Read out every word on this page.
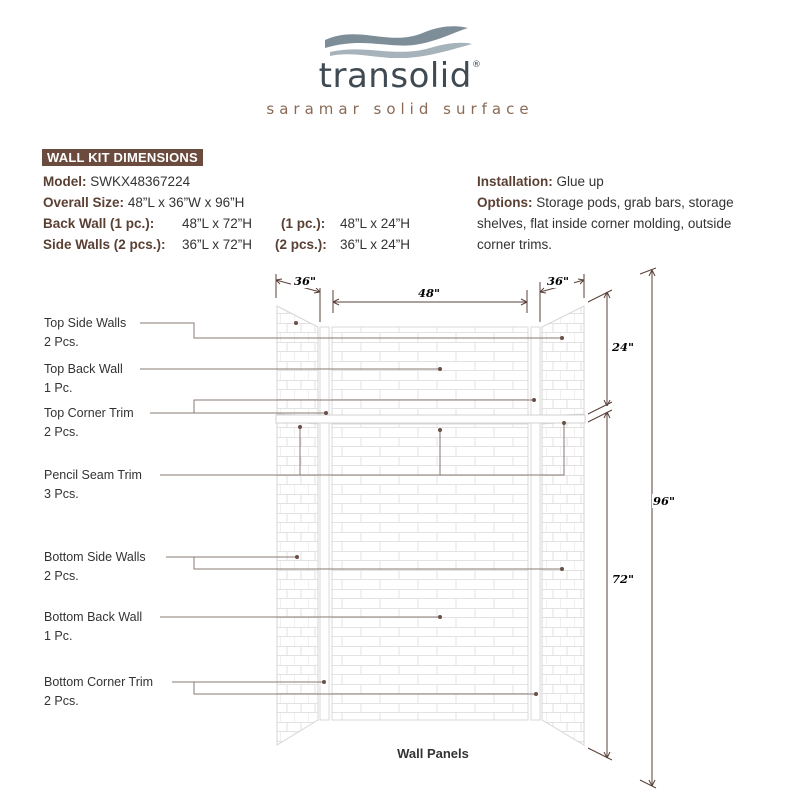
transolid®
saramar solid surface
WALL KIT DIMENSIONS
Model: SWKX48367224
Overall Size: 48”L x 36”W x 96”H
Back Wall (1 pc.): 48”L x 72”H (1 pc.): 48”L x 24”H
Side Walls (2 pcs.): 36”L x 72”H (2 pcs.): 36”L x 24”H
Installation: Glue up
Options: Storage pods, grab bars, storage
shelves, flat inside corner molding, outside
corner trims.
Top Side Walls
2 Pcs.
Top Back Wall
1 Pc.
Top Corner Trim
2 Pcs.
Pencil Seam Trim
3 Pcs.
Bottom Side Walls
2 Pcs.
Bottom Back Wall
1 Pc.
Bottom Corner Trim
2 Pcs.
36"
48"
36"
24"
72"
96"
Wall Panels
